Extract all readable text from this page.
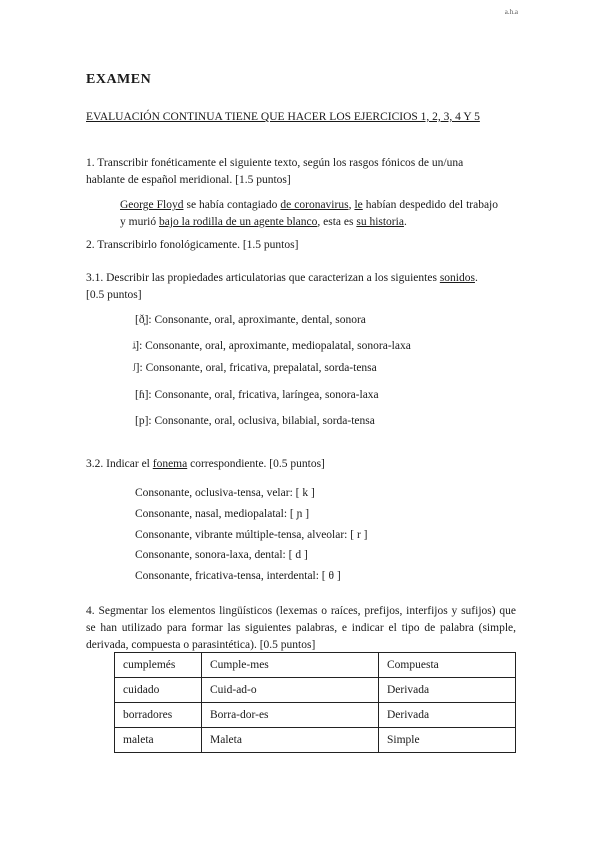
a.h.a
EXAMEN
EVALUACIÓN CONTINUA TIENE QUE HACER LOS EJERCICIOS 1, 2, 3, 4 Y 5
1. Transcribir fonéticamente el siguiente texto, según los rasgos fónicos de un/una hablante de español meridional. [1.5 puntos]
George Floyd se había contagiado de coronavirus, le habían despedido del trabajo y murió bajo la rodilla de un agente blanco, esta es su historia.
2. Transcribirlo fonológicamente. [1.5 puntos]
3.1. Describir las propiedades articulatorias que caracterizan a los siguientes sonidos. [0.5 puntos]
[ð̞]: Consonante, oral, aproximante, dental, sonora
ʝ̞]: Consonante, oral, aproximante, mediopalatal, sonora-laxa
ʃ]: Consonante, oral, fricativa, prepalatal, sorda-tensa
[ɦ]: Consonante, oral, fricativa, laríngea, sonora-laxa
[p]: Consonante, oral, oclusiva, bilabial, sorda-tensa
3.2. Indicar el fonema correspondiente. [0.5 puntos]
Consonante, oclusiva-tensa, velar: [ k ]
Consonante, nasal, mediopalatal: [ ɲ ]
Consonante, vibrante múltiple-tensa, alveolar: [ r ]
Consonante, sonora-laxa, dental: [ d ]
Consonante, fricativa-tensa, interdental: [ θ ]
4. Segmentar los elementos lingüísticos (lexemas o raíces, prefijos, interfijos y sufijos) que se han utilizado para formar las siguientes palabras, e indicar el tipo de palabra (simple, derivada, compuesta o parasintética). [0.5 puntos]
cumplemés	Cumple-mes	Compuesta
cuidado	Cuid-ad-o	Derivada
borradores	Borra-dor-es	Derivada
maleta	Maleta	Simple
